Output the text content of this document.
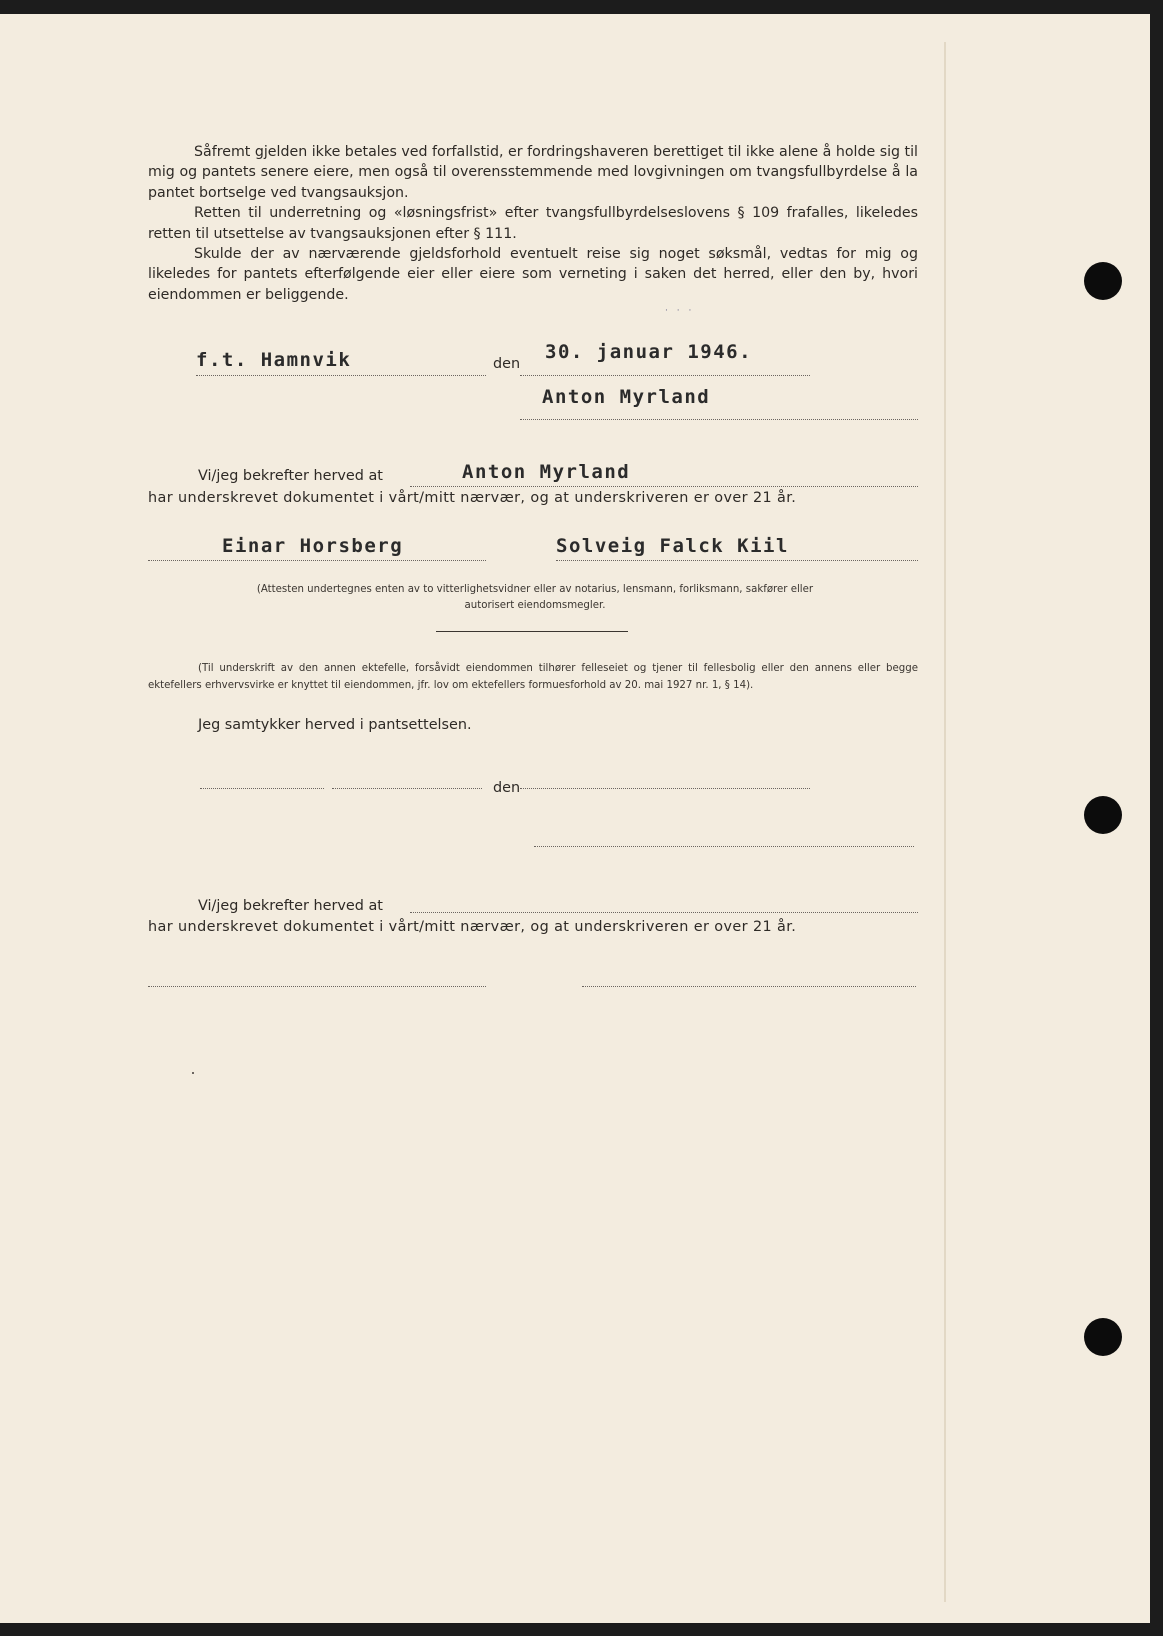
Såfremt gjelden ikke betales ved forfallstid, er fordringshaveren berettiget til ikke alene å holde sig til mig og pantets senere eiere, men også til overensstemmende med lovgivningen om tvangsfullbyrdelse å la pantet bortselge ved tvangsauksjon.

Retten til underretning og «løsningsfrist» efter tvangsfullbyrdelseslovens § 109 frafalles, likeledes retten til utsettelse av tvangsauksjonen efter § 111.

Skulde der av nærværende gjeldsforhold eventuelt reise sig noget søksmål, vedtas for mig og likeledes for pantets efterfølgende eier eller eiere som verneting i saken det herred, eller den by, hvori eiendommen er beliggende.

· · ·
f.t. Hamnvik	den
30. januar 1946.
Anton Myrland
Vi/jeg bekrefter herved at	Anton Myrland
har underskrevet dokumentet i vårt/mitt nærvær, og at underskriveren er over 21 år.
Einar Horsberg	Solveig Falck Kiil
(Attesten undertegnes enten av to vitterlighetsvidner eller av notarius, lensmann, forliksmann, sakfører eller autorisert eiendomsmegler.

(Til underskrift av den annen ektefelle, forsåvidt eiendommen tilhører felleseiet og tjener til fellesbolig eller den annens eller begge ektefellers erhvervsvirke er knyttet til eiendommen, jfr. lov om ektefellers formuesforhold av 20. mai 1927 nr. 1, § 14).

Jeg samtykker herved i pantsettelsen.
den
Vi/jeg bekrefter herved at
har underskrevet dokumentet i vårt/mitt nærvær, og at underskriveren er over 21 år.
